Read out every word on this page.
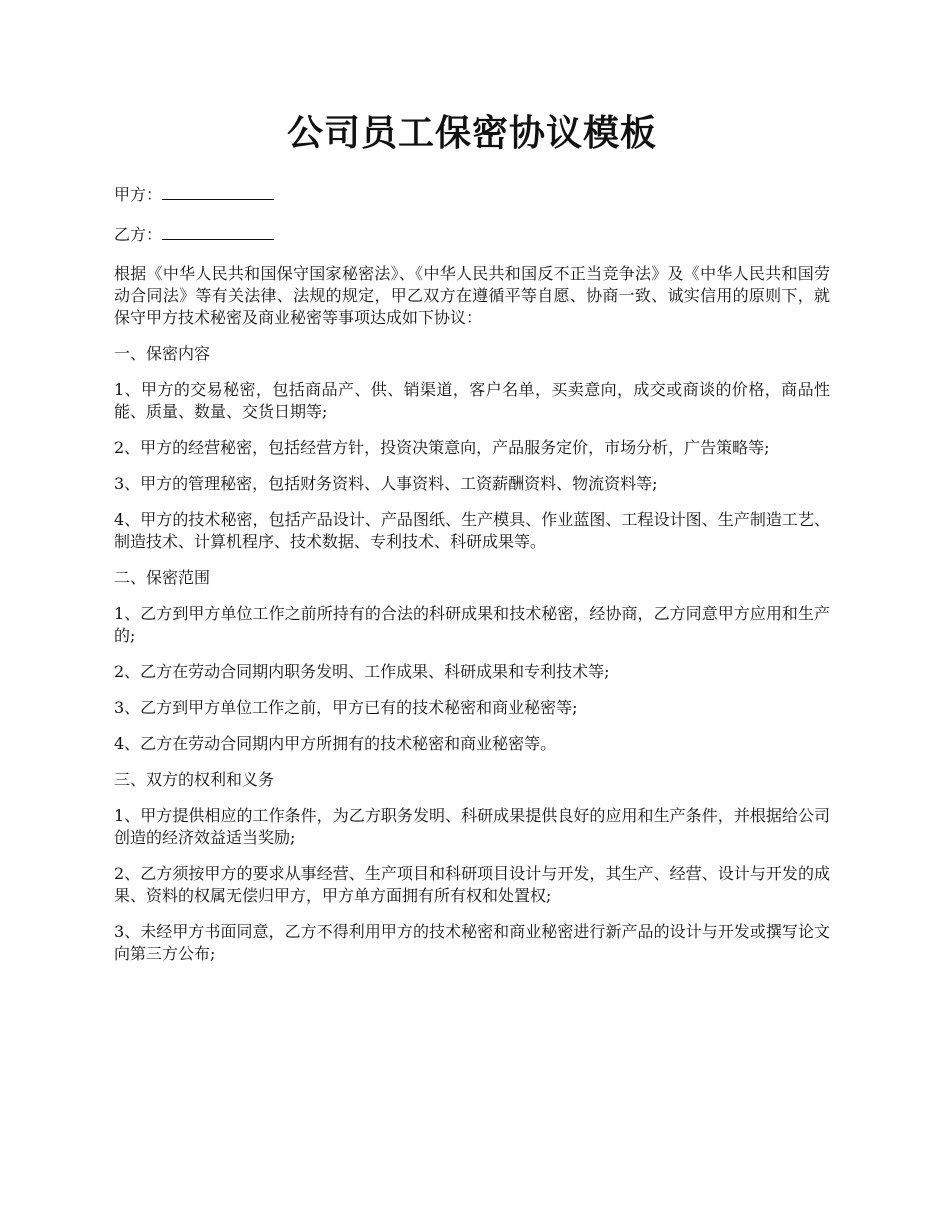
公司员工保密协议模板

甲方：

乙方：

根据《中华人民共和国保守国家秘密法》、《中华人民共和国反不正当竞争法》及《中华人民共和国劳动合同法》等有关法律、法规的规定，甲乙双方在遵循平等自愿、协商一致、诚实信用的原则下，就保守甲方技术秘密及商业秘密等事项达成如下协议：

一、保密内容

1、甲方的交易秘密，包括商品产、供、销渠道，客户名单，买卖意向，成交或商谈的价格，商品性能、质量、数量、交货日期等;

2、甲方的经营秘密，包括经营方针，投资决策意向，产品服务定价，市场分析，广告策略等;

3、甲方的管理秘密，包括财务资料、人事资料、工资薪酬资料、物流资料等;

4、甲方的技术秘密，包括产品设计、产品图纸、生产模具、作业蓝图、工程设计图、生产制造工艺、制造技术、计算机程序、技术数据、专利技术、科研成果等。

二、保密范围

1、乙方到甲方单位工作之前所持有的合法的科研成果和技术秘密，经协商，乙方同意甲方应用和生产的;

2、乙方在劳动合同期内职务发明、工作成果、科研成果和专利技术等;

3、乙方到甲方单位工作之前，甲方已有的技术秘密和商业秘密等;

4、乙方在劳动合同期内甲方所拥有的技术秘密和商业秘密等。

三、双方的权利和义务

1、甲方提供相应的工作条件，为乙方职务发明、科研成果提供良好的应用和生产条件，并根据给公司创造的经济效益适当奖励;

2、乙方须按甲方的要求从事经营、生产项目和科研项目设计与开发，其生产、经营、设计与开发的成果、资料的权属无偿归甲方，甲方单方面拥有所有权和处置权;

3、未经甲方书面同意，乙方不得利用甲方的技术秘密和商业秘密进行新产品的设计与开发或撰写论文向第三方公布;
